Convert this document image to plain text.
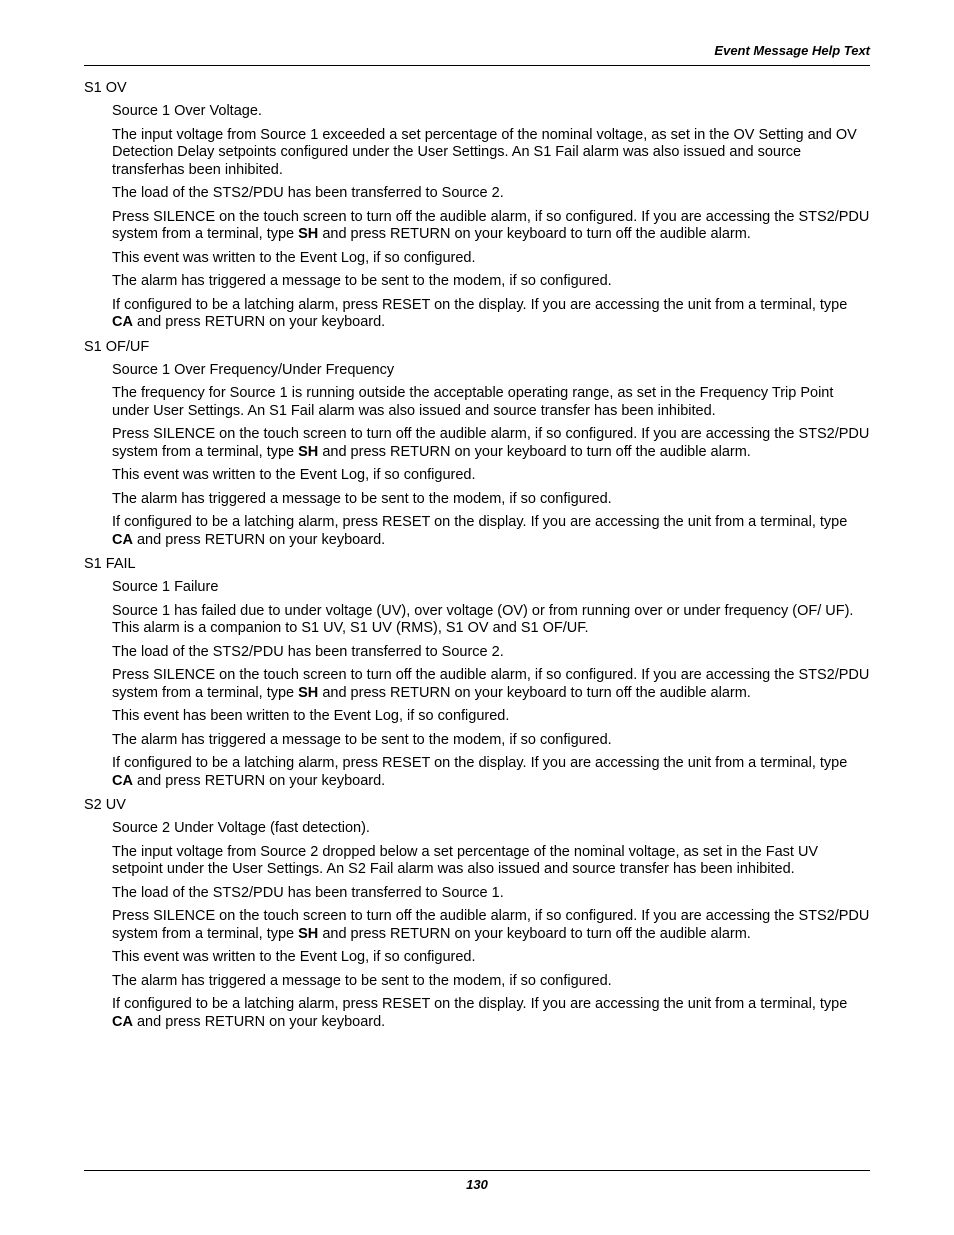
Event Message Help Text
S1 OV

Source 1 Over Voltage.

The input voltage from Source 1 exceeded a set percentage of the nominal voltage, as set in the OV Setting and OV Detection Delay setpoints configured under the User Settings. An S1 Fail alarm was also issued and source transferhas been inhibited.

The load of the STS2/PDU has been transferred to Source 2.

Press SILENCE on the touch screen to turn off the audible alarm, if so configured. If you are accessing the STS2/PDU system from a terminal, type SH and press RETURN on your keyboard to turn off the audible alarm.

This event was written to the Event Log, if so configured.

The alarm has triggered a message to be sent to the modem, if so configured.

If configured to be a latching alarm, press RESET on the display. If you are accessing the unit from a terminal, type CA and press RETURN on your keyboard.

S1 OF/UF

Source 1 Over Frequency/Under Frequency

The frequency for Source 1 is running outside the acceptable operating range, as set in the Frequency Trip Point under User Settings. An S1 Fail alarm was also issued and source transfer has been inhibited.

Press SILENCE on the touch screen to turn off the audible alarm, if so configured. If you are accessing the STS2/PDU system from a terminal, type SH and press RETURN on your keyboard to turn off the audible alarm.

This event was written to the Event Log, if so configured.

The alarm has triggered a message to be sent to the modem, if so configured.

If configured to be a latching alarm, press RESET on the display. If you are accessing the unit from a terminal, type CA and press RETURN on your keyboard.

S1 FAIL

Source 1 Failure

Source 1 has failed due to under voltage (UV), over voltage (OV) or from running over or under frequency (OF/ UF). This alarm is a companion to S1 UV, S1 UV (RMS), S1 OV and S1 OF/UF.

The load of the STS2/PDU has been transferred to Source 2.

Press SILENCE on the touch screen to turn off the audible alarm, if so configured. If you are accessing the STS2/PDU system from a terminal, type SH and press RETURN on your keyboard to turn off the audible alarm.

This event has been written to the Event Log, if so configured.

The alarm has triggered a message to be sent to the modem, if so configured.

If configured to be a latching alarm, press RESET on the display. If you are accessing the unit from a terminal, type CA and press RETURN on your keyboard.

S2 UV

Source 2 Under Voltage (fast detection).

The input voltage from Source 2 dropped below a set percentage of the nominal voltage, as set in the Fast UV setpoint under the User Settings. An S2 Fail alarm was also issued and source transfer has been inhibited.

The load of the STS2/PDU has been transferred to Source 1.

Press SILENCE on the touch screen to turn off the audible alarm, if so configured. If you are accessing the STS2/PDU system from a terminal, type SH and press RETURN on your keyboard to turn off the audible alarm.

This event was written to the Event Log, if so configured.

The alarm has triggered a message to be sent to the modem, if so configured.

If configured to be a latching alarm, press RESET on the display. If you are accessing the unit from a terminal, type CA and press RETURN on your keyboard.

130
